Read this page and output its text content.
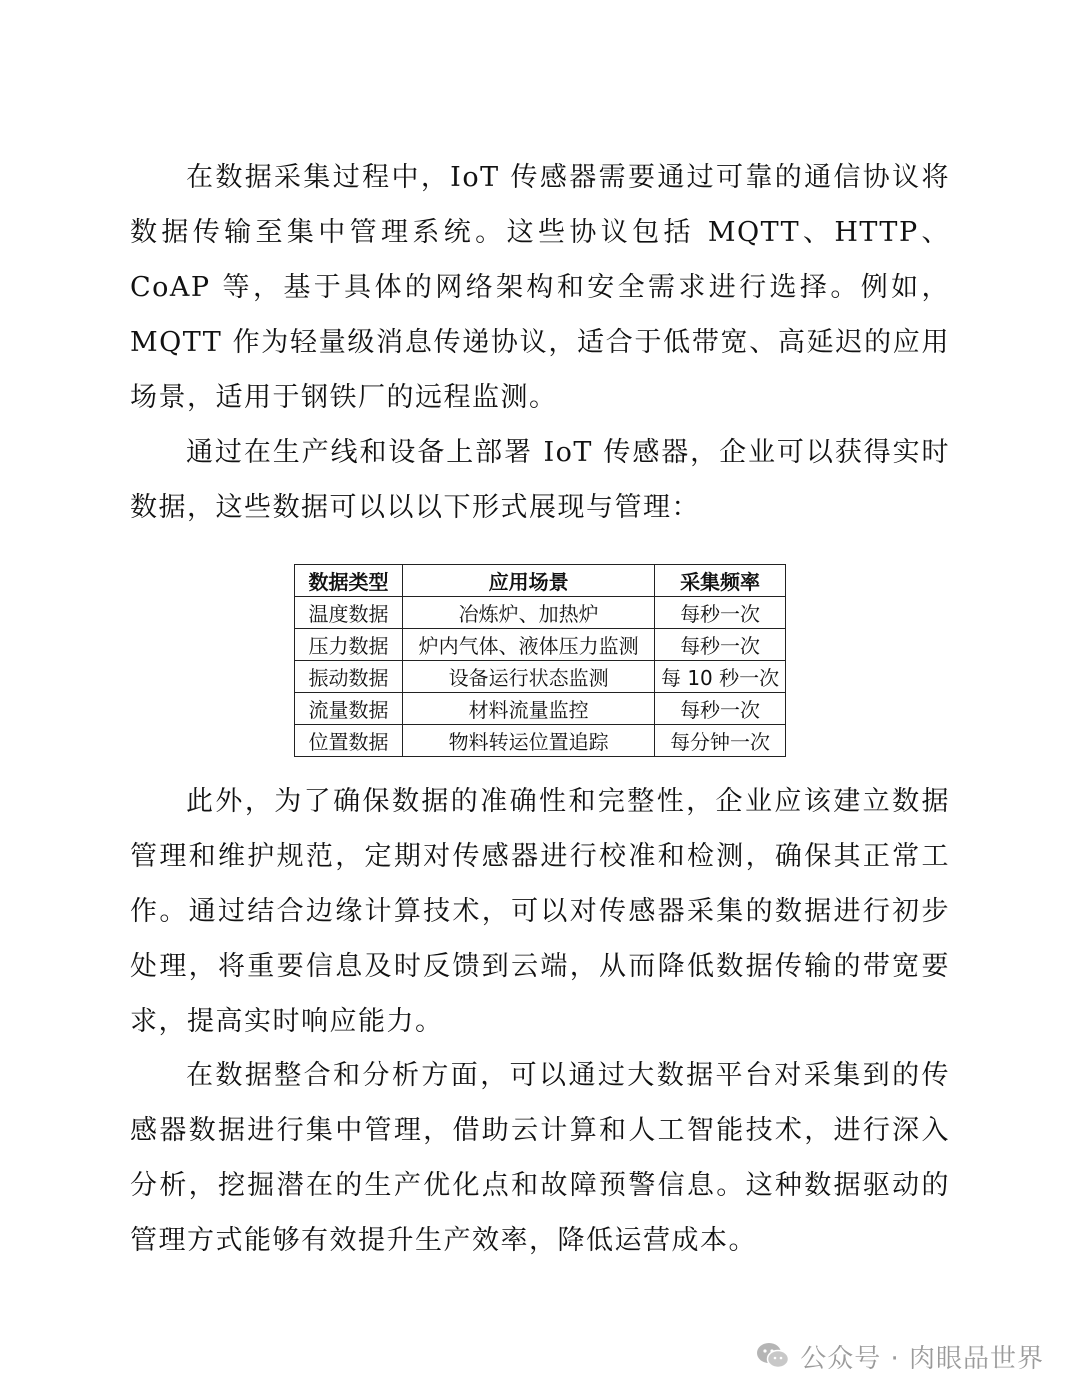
在数据采集过程中，IoT 传感器需要通过可靠的通信协议将数据传输至集中管理系统。这些协议包括 MQTT、HTTP、CoAP 等，基于具体的网络架构和安全需求进行选择。例如，MQTT 作为轻量级消息传递协议，适合于低带宽、高延迟的应用场景，适用于钢铁厂的远程监测。

通过在生产线和设备上部署 IoT 传感器，企业可以获得实时数据，这些数据可以以以下形式展现与管理：

数据类型	应用场景	采集频率
温度数据	冶炼炉、加热炉	每秒一次
压力数据	炉内气体、液体压力监测	每秒一次
振动数据	设备运行状态监测	每 10 秒一次
流量数据	材料流量监控	每秒一次
位置数据	物料转运位置追踪	每分钟一次

此外，为了确保数据的准确性和完整性，企业应该建立数据管理和维护规范，定期对传感器进行校准和检测，确保其正常工作。通过结合边缘计算技术，可以对传感器采集的数据进行初步处理，将重要信息及时反馈到云端，从而降低数据传输的带宽要求，提高实时响应能力。

在数据整合和分析方面，可以通过大数据平台对采集到的传感器数据进行集中管理，借助云计算和人工智能技术，进行深入分析，挖掘潜在的生产优化点和故障预警信息。这种数据驱动的管理方式能够有效提升生产效率，降低运营成本。

公众号 · 肉眼品世界
